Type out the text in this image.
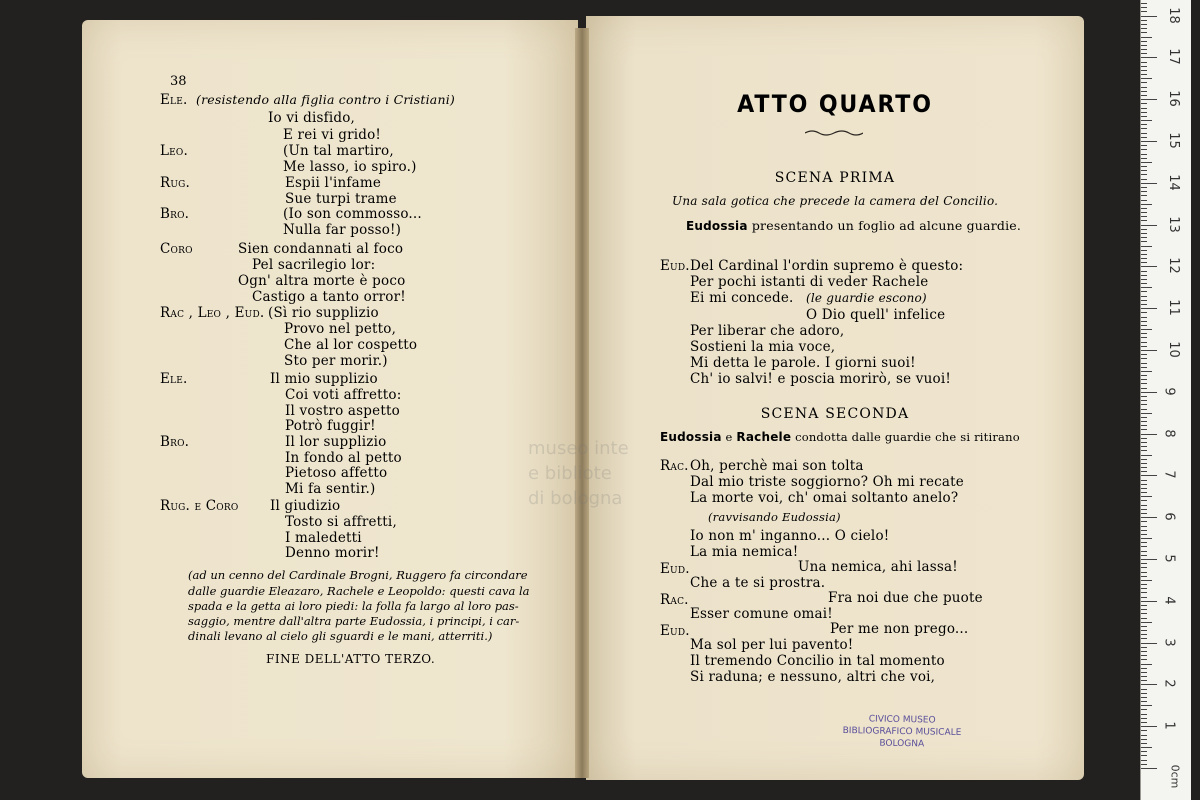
museo inte
e bibliote
di bologna
38
Ele. (resistendo alla figlia contro i Cristiani)
Io vi disfido,
E rei vi grido!
Leo.	(Un tal martiro,
Me lasso, io spiro.)
Rug.	Espii l'infame
Sue turpi trame
Bro.	(Io son commosso...
Nulla far posso!)
Coro	Sien condannati al foco
Pel sacrilegio lor:
Ogn' altra morte è poco
Castigo a tanto orror!
Rac , Leo , Eud. (Sì rio supplizio
Provo nel petto,
Che al lor cospetto
Sto per morir.)
Ele.	Il mio supplizio
Coi voti affretto:
Il vostro aspetto
Potrò fuggir!
Bro.	Il lor supplizio
In fondo al petto
Pietoso affetto
Mi fa sentir.)
Rug. e Coro Il giudizio
Tosto si affretti,
I maledetti
Denno morir!
(ad un cenno del Cardinale Brogni, Ruggero fa circondare
dalle guardie Eleazaro, Rachele e Leopoldo: questi cava la
spada e la getta ai loro piedi: la folla fa largo al loro pas-
saggio, mentre dall'altra parte Eudossia, i principi, i car-
dinali levano al cielo gli sguardi e le mani, atterriti.)
FINE DELL'ATTO TERZO.
ATTO QUARTO
SCENA PRIMA
Una sala gotica che precede la camera del Concilio.
Eudossia presentando un foglio ad alcune guardie.
Eud. Del Cardinal l'ordin supremo è questo:
Per pochi istanti di veder Rachele
Ei mi concede. (le guardie escono)
O Dio quell' infelice
Per liberar che adoro,
Sostieni la mia voce,
Mi detta le parole. I giorni suoi!
Ch' io salvi! e poscia morirò, se vuoi!
SCENA SECONDA
Eudossia e Rachele condotta dalle guardie che si ritirano
Rac. Oh, perchè mai son tolta
Dal mio triste soggiorno? Oh mi recate
La morte voi, ch' omai soltanto anelo?
(ravvisando Eudossia)
Io non m' inganno... O cielo!
La mia nemica!
Eud.	Una nemica, ahi lassa!
Che a te si prostra.
Rac.	Fra noi due che puote
Esser comune omai!
Eud.	Per me non prego...
Ma sol per lui pavento!
Il tremendo Concilio in tal momento
Si raduna; e nessuno, altri che voi,
CIVICO MUSEO
BIBLIOGRAFICO MUSICALE
BOLOGNA
0cm
1
2
3
4
5
6
7
8
9
10
11
12
13
14
15
16
17
18
